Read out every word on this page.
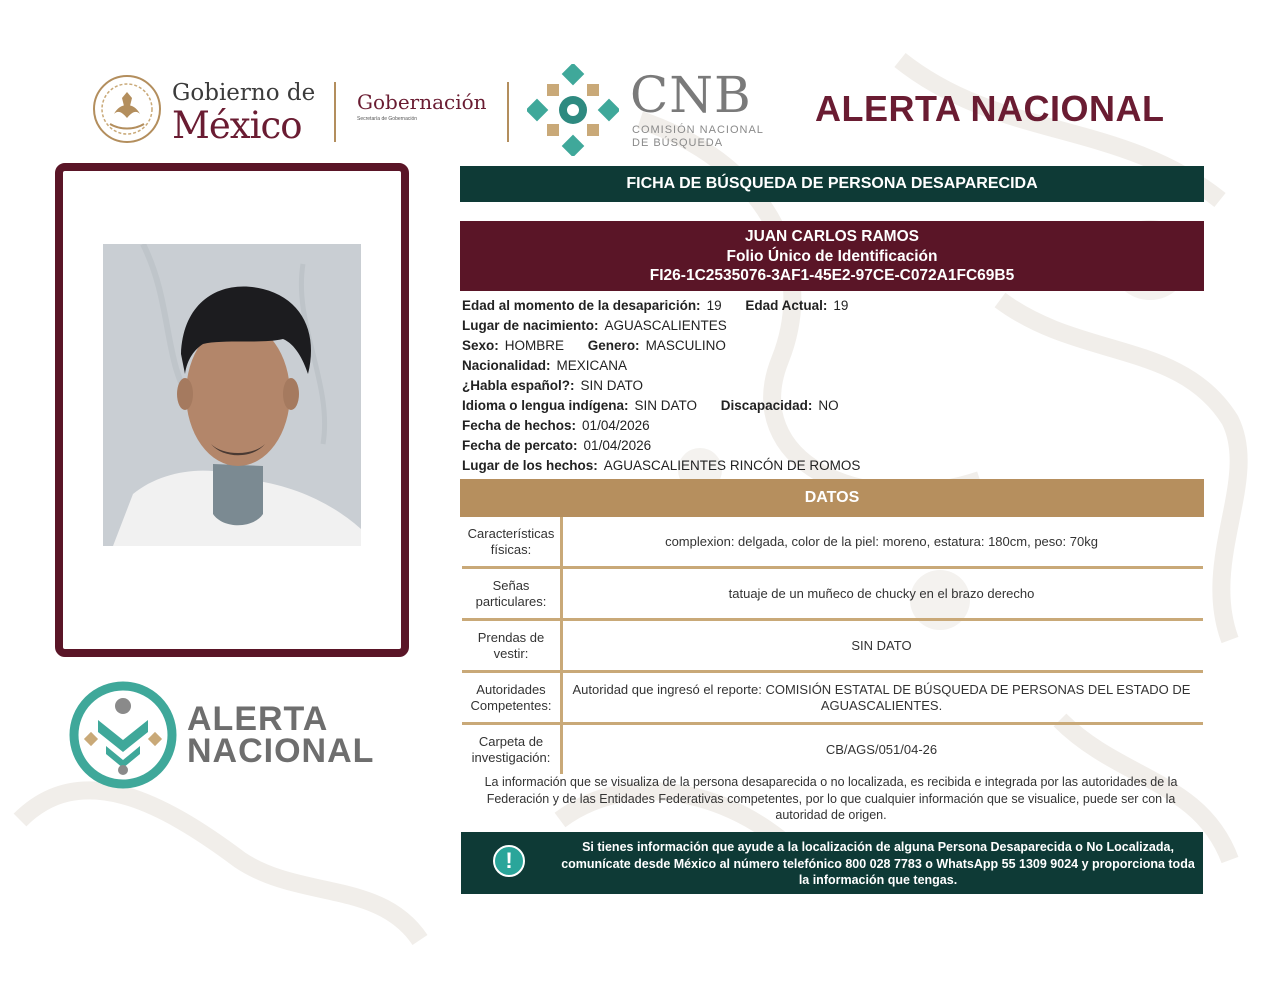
Gobierno de
México
Gobernación
Secretaría de Gobernación	CNB
COMISIÓN NACIONAL
DE BÚSQUEDA
ALERTA NACIONAL
ALERTA
NACIONAL
FICHA DE BÚSQUEDA DE PERSONA DESAPARECIDA
JUAN CARLOS RAMOS
Folio Único de Identificación
FI26-1C2535076-3AF1-45E2-97CE-C072A1FC69B5
Edad al momento de la desaparición: 19 Edad Actual: 19
Lugar de nacimiento: AGUASCALIENTES
Sexo: HOMBRE Genero: MASCULINO
Nacionalidad: MEXICANA
¿Habla español?: SIN DATO
Idioma o lengua indígena: SIN DATO Discapacidad: NO
Fecha de hechos: 01/04/2026
Fecha de percato: 01/04/2026
Lugar de los hechos: AGUASCALIENTES RINCÓN DE ROMOS
DATOS
Características físicas:
complexion: delgada, color de la piel: moreno, estatura: 180cm, peso: 70kg
Señas particulares:
tatuaje de un muñeco de chucky en el brazo derecho
Prendas de vestir:
SIN DATO
Autoridades Competentes:
Autoridad que ingresó el reporte: COMISIÓN ESTATAL DE BÚSQUEDA DE PERSONAS DEL ESTADO DE AGUASCALIENTES.
Carpeta de investigación:
CB/AGS/051/04-26
La información que se visualiza de la persona desaparecida o no localizada, es recibida e integrada por las autoridades de la Federación y de las Entidades Federativas competentes, por lo que cualquier información que se visualice, puede ser con la autoridad de origen.
!
Si tienes información que ayude a la localización de alguna Persona Desaparecida o No Localizada, comunícate desde México al número telefónico 800 028 7783 o WhatsApp 55 1309 9024 y proporciona toda la información que tengas.
